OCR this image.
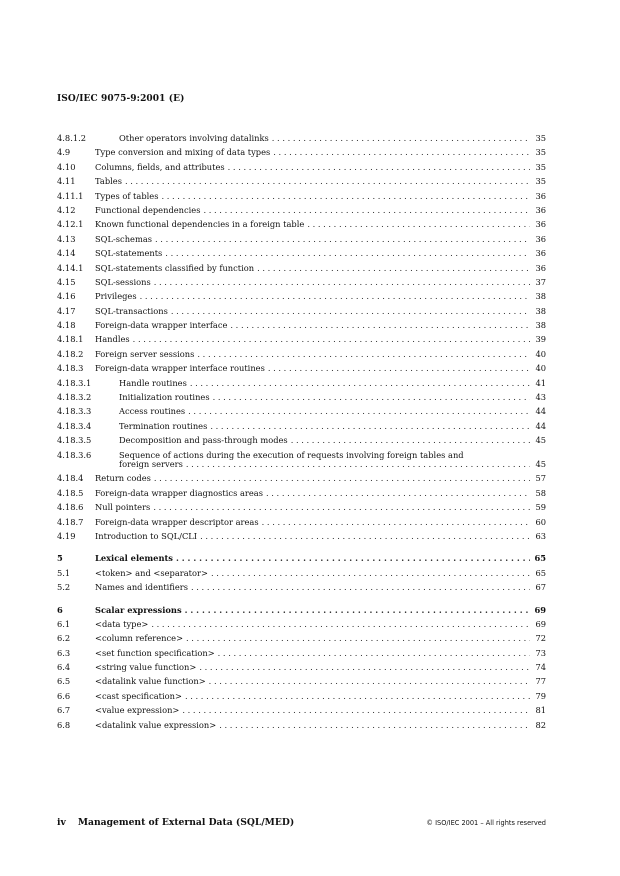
ISO/IEC 9075-9:2001 (E)
4.8.1.2	Other operators involving datalinks . . .	35
4.9	Type conversion and mixing of data types . . .	35
4.10	Columns, fields, and attributes . . .	35
4.11	Tables . . .	35
4.11.1	Types of tables . . .	36
4.12	Functional dependencies . . .	36
4.12.1	Known functional dependencies in a foreign table . . .	36
4.13	SQL-schemas . . .	36
4.14	SQL-statements . . .	36
4.14.1	SQL-statements classified by function . . .	36
4.15	SQL-sessions . . .	37
4.16	Privileges . . .	38
4.17	SQL-transactions . . .	38
4.18	Foreign-data wrapper interface . . .	38
4.18.1	Handles . . .	39
4.18.2	Foreign server sessions . . .	40
4.18.3	Foreign-data wrapper interface routines . . .	40
4.18.3.1	Handle routines . . .	41
4.18.3.2	Initialization routines . . .	43
4.18.3.3	Access routines . . .	44
4.18.3.4	Termination routines . . .	44
4.18.3.5	Decomposition and pass-through modes . . .	45
4.18.3.6	Sequence of actions during the execution of requests involving foreign tables and
foreign servers . . .	45
4.18.4	Return codes . . .	57
4.18.5	Foreign-data wrapper diagnostics areas . . .	58
4.18.6	Null pointers . . .	59
4.18.7	Foreign-data wrapper descriptor areas . . .	60
4.19	Introduction to SQL/CLI . . .	63
5	Lexical elements . . .	65
5.1	<token> and <separator> . . .	65
5.2	Names and identifiers . . .	67
6	Scalar expressions . . .	69
6.1	<data type> . . .	69
6.2	<column reference> . . .	72
6.3	<set function specification> . . .	73
6.4	<string value function> . . .	74
6.5	<datalink value function> . . .	77
6.6	<cast specification> . . .	79
6.7	<value expression> . . .	81
6.8	<datalink value expression> . . .	82
iv Management of External Data (SQL/MED)	© ISO/IEC 2001 – All rights reserved
